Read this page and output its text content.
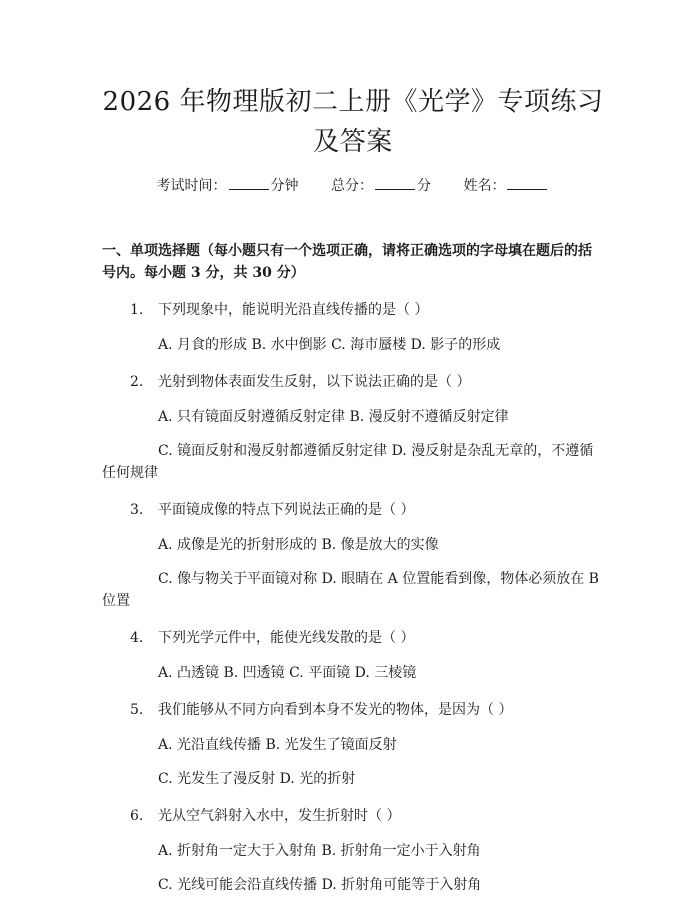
2026 年物理版初二上册《光学》专项练习及答案
考试时间：	分钟 总分：	分 姓名：
一、单项选择题（每小题只有一个选项正确，请将正确选项的字母填在题后的括号内。每小题 3 分，共 30 分）
1.	下列现象中，能说明光沿直线传播的是（ ）
A. 月食的形成 B. 水中倒影 C. 海市蜃楼 D. 影子的形成
2.	光射到物体表面发生反射，以下说法正确的是（ ）
A. 只有镜面反射遵循反射定律 B. 漫反射不遵循反射定律
C. 镜面反射和漫反射都遵循反射定律 D. 漫反射是杂乱无章的，不遵循任何规律
3.	平面镜成像的特点下列说法正确的是（ ）
A. 成像是光的折射形成的 B. 像是放大的实像
C. 像与物关于平面镜对称 D. 眼睛在 A 位置能看到像，物体必须放在 B 位置
4.	下列光学元件中，能使光线发散的是（ ）
A. 凸透镜 B. 凹透镜 C. 平面镜 D. 三棱镜
5.	我们能够从不同方向看到本身不发光的物体，是因为（ ）
A. 光沿直线传播 B. 光发生了镜面反射
C. 光发生了漫反射 D. 光的折射
6.	光从空气斜射入水中，发生折射时（ ）
A. 折射角一定大于入射角 B. 折射角一定小于入射角
C. 光线可能会沿直线传播 D. 折射角可能等于入射角
